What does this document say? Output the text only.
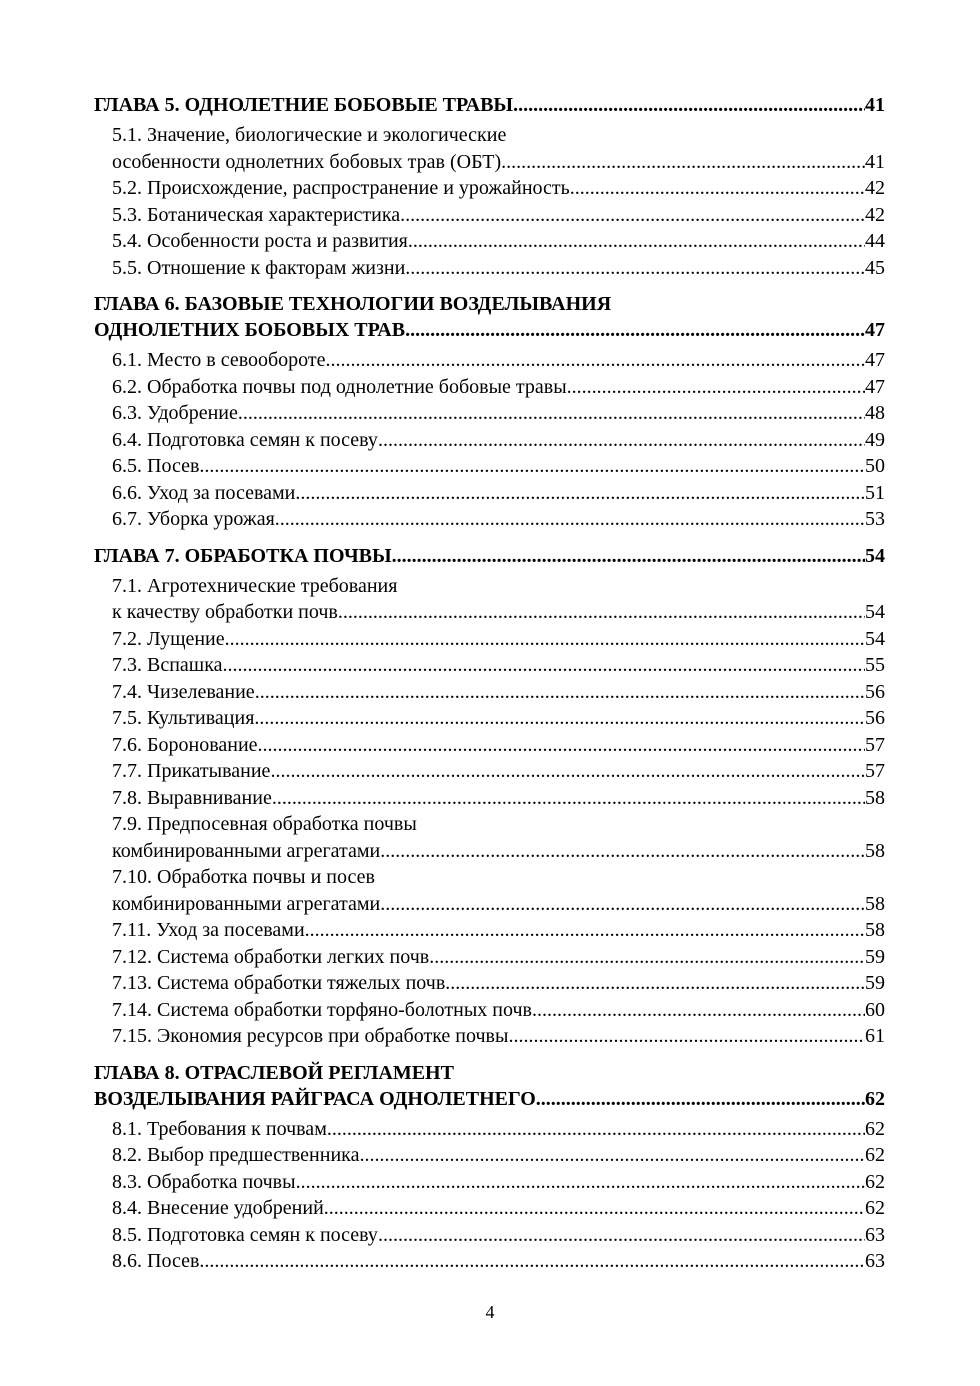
ГЛАВА 5. ОДНОЛЕТНИЕ БОБОВЫЕ ТРАВЫ .....	41
5.1. Значение, биологические и экологические
особенности однолетних бобовых трав (ОБТ) .....	41
5.2. Происхождение, распространение и урожайность .....	42
5.3. Ботаническая характеристика .....	42
5.4. Особенности роста и развития .....	44
5.5. Отношение к факторам жизни .....	45
ГЛАВА 6. БАЗОВЫЕ ТЕХНОЛОГИИ ВОЗДЕЛЫВАНИЯ
ОДНОЛЕТНИХ БОБОВЫХ ТРАВ .....	47
6.1. Место в севообороте .....	47
6.2. Обработка почвы под однолетние бобовые травы .....	47
6.3. Удобрение .....	48
6.4. Подготовка семян к посеву .....	49
6.5. Посев .....	50
6.6. Уход за посевами .....	51
6.7. Уборка урожая .....	53
ГЛАВА 7. ОБРАБОТКА ПОЧВЫ .....	54
7.1. Агротехнические требования
к качеству обработки почв .....	54
7.2. Лущение .....	54
7.3. Вспашка .....	55
7.4. Чизелевание .....	56
7.5. Культивация .....	56
7.6. Боронование .....	57
7.7. Прикатывание .....	57
7.8. Выравнивание .....	58
7.9. Предпосевная обработка почвы
комбинированными агрегатами .....	58
7.10. Обработка почвы и посев
комбинированными агрегатами .....	58
7.11. Уход за посевами .....	58
7.12. Система обработки легких почв .....	59
7.13. Система обработки тяжелых почв .....	59
7.14. Система обработки торфяно-болотных почв .....	60
7.15. Экономия ресурсов при обработке почвы .....	61
ГЛАВА 8. ОТРАСЛЕВОЙ РЕГЛАМЕНТ
ВОЗДЕЛЫВАНИЯ РАЙГРАСА ОДНОЛЕТНЕГО .....	62
8.1. Требования к почвам .....	62
8.2. Выбор предшественника .....	62
8.3. Обработка почвы .....	62
8.4. Внесение удобрений .....	62
8.5. Подготовка семян к посеву .....	63
8.6. Посев .....	63
4
